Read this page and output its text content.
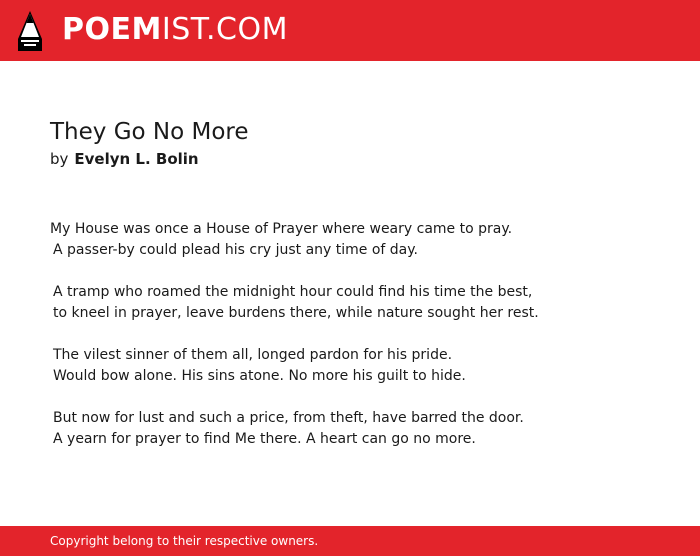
POEMIST.COM
They Go No More
by Evelyn L. Bolin
My House was once a House of Prayer where weary came to pray.
A passer-by could plead his cry just any time of day.
A tramp who roamed the midnight hour could find his time the best,
to kneel in prayer, leave burdens there, while nature sought her rest.
The vilest sinner of them all, longed pardon for his pride.
Would bow alone. His sins atone. No more his guilt to hide.
But now for lust and such a price, from theft, have barred the door.
A yearn for prayer to find Me there. A heart can go no more.
Copyright belong to their respective owners.
